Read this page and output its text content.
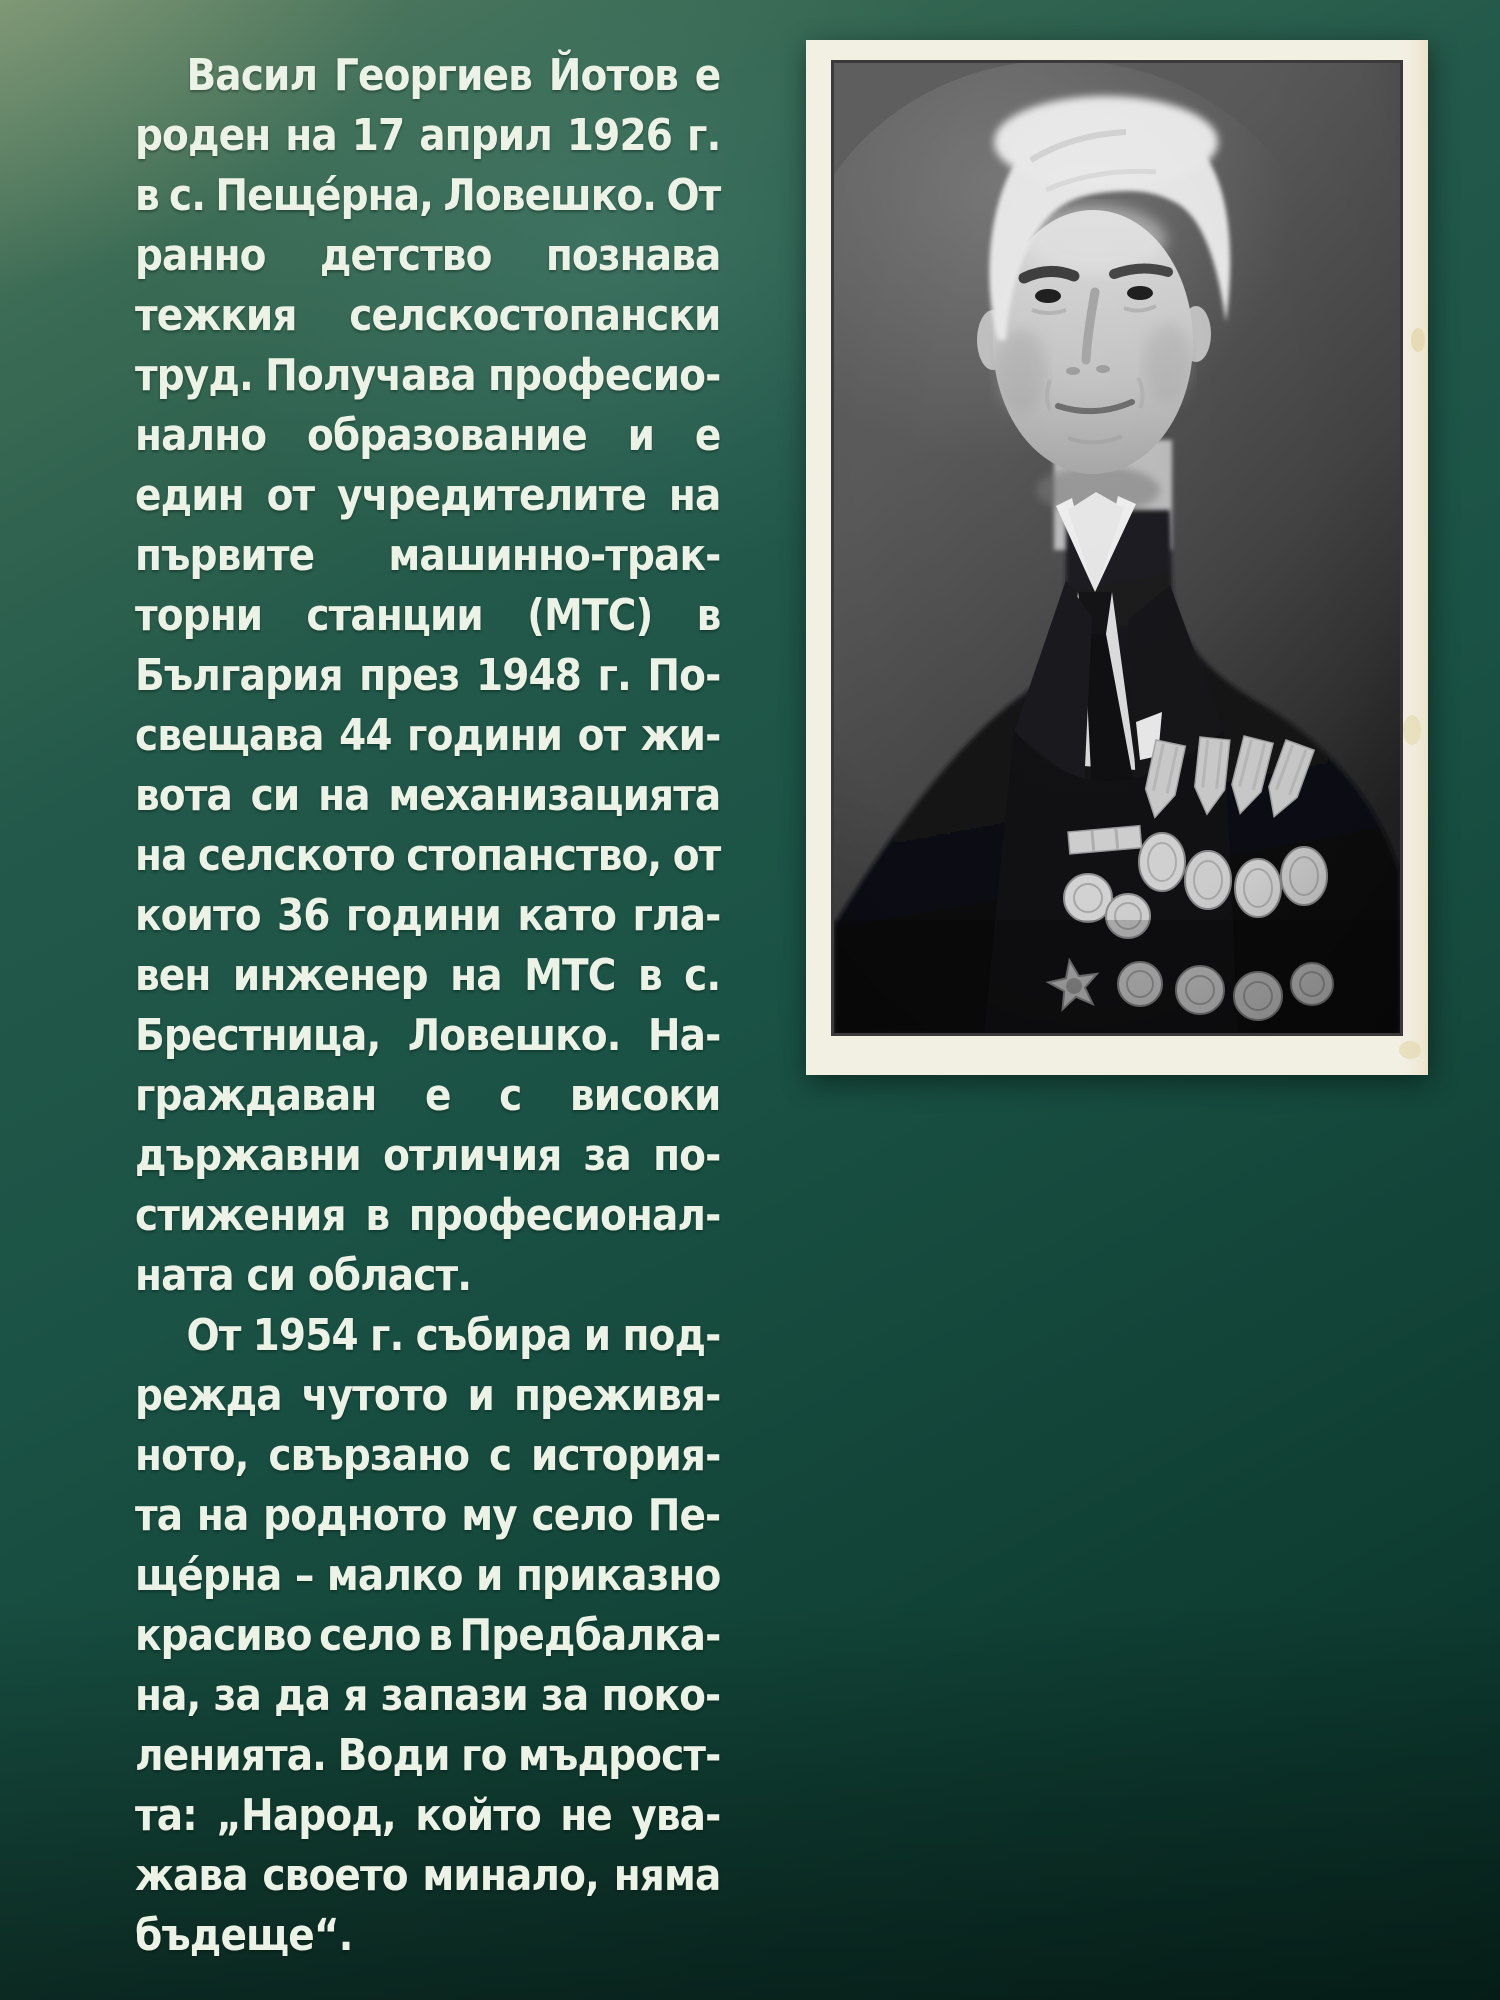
Васил Георгиев Йотов е
роден на 17 април 1926 г.
в с. Пеще́рна, Ловешко. От
ранно детство познава
тежкия селскостопански
труд. Получава професио-
нално образование и е
един от учредителите на
първите машинно-трак-
торни станции (МТС) в
България през 1948 г. По-
свещава 44 години от жи-
вота си на механизацията
на селското стопанство, от
които 36 години като гла-
вен инженер на МТС в с.
Брестница, Ловешко. На-
граждаван е с високи
държавни отличия за по-
стижения в професионал-
ната си област.
От 1954 г. събира и под-
режда чутото и преживя-
ното, свързано с история-
та на родното му село Пе-
ще́рна – малко и приказно
красиво село в Предбалка-
на, за да я запази за поко-
ленията. Води го мъдрост-
та: „Народ, който не ува-
жава своето минало, няма
бъдеще“.
